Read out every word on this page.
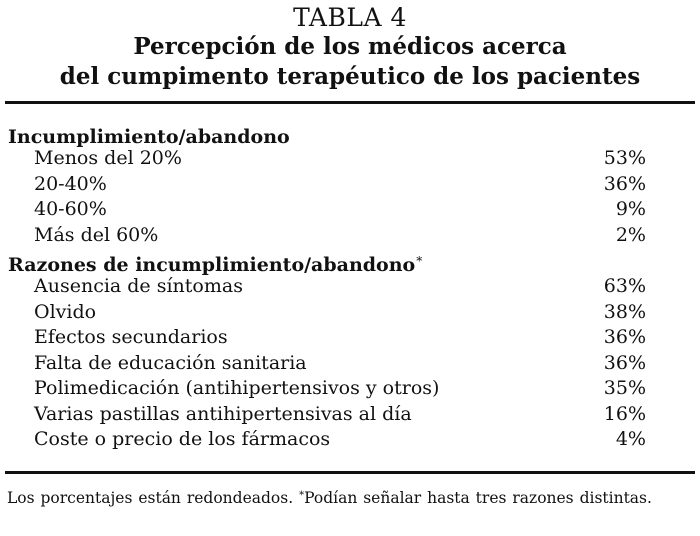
TABLA 4
Percepción de los médicos acerca
del cumpimento terapéutico de los pacientes
Incumplimiento/abandono
Menos del 20%	53%
20-40%	36%
40-60%	9%
Más del 60%	2%
Razones de incumplimiento/abandono*
Ausencia de síntomas	63%
Olvido	38%
Efectos secundarios	36%
Falta de educación sanitaria	36%
Polimedicación (antihipertensivos y otros)	35%
Varias pastillas antihipertensivas al día	16%
Coste o precio de los fármacos	4%
Los porcentajes están redondeados. *Podían señalar hasta tres razones distintas.
